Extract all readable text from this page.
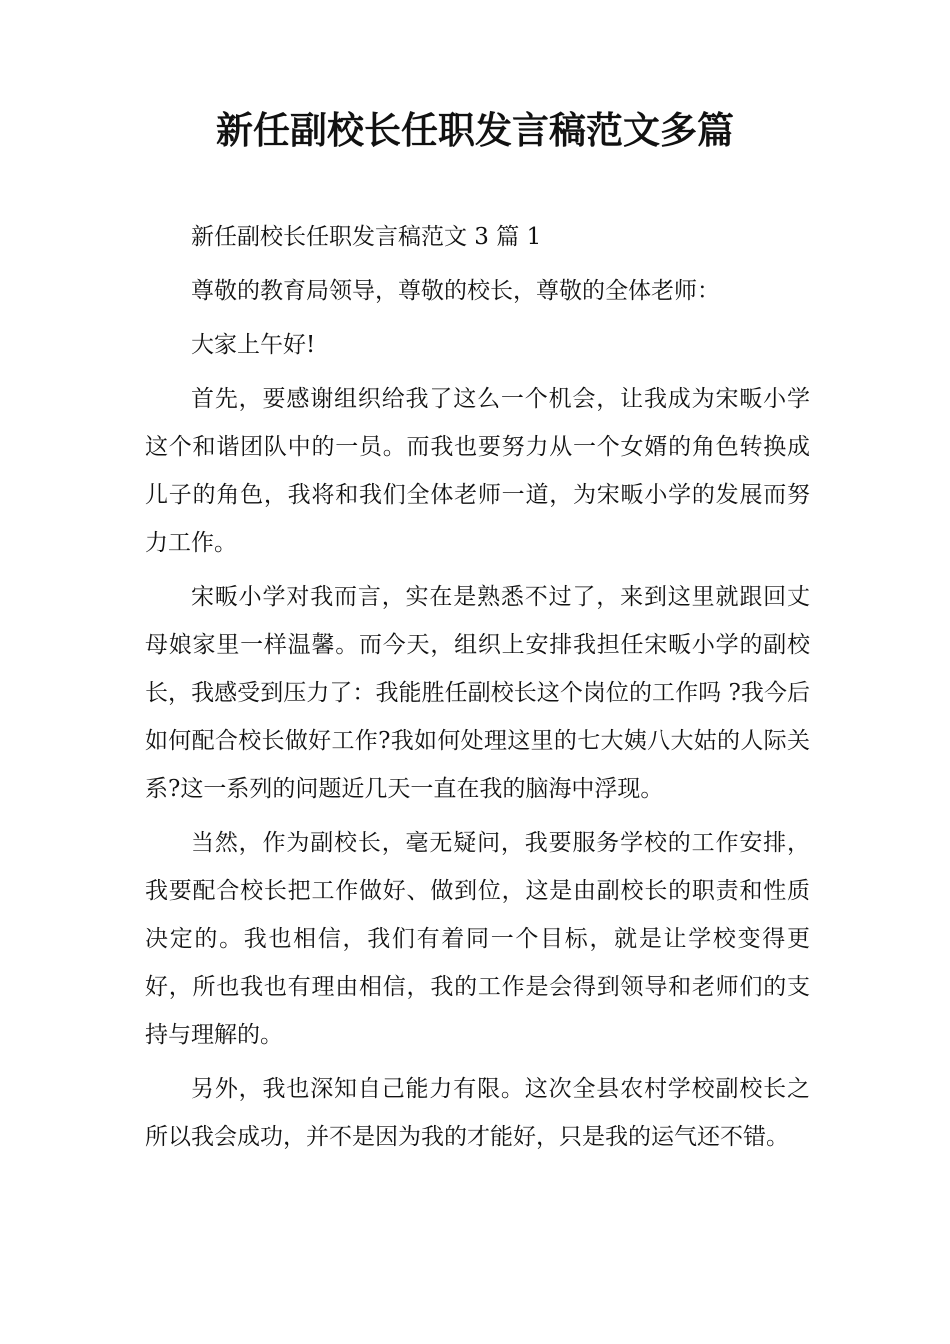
新任副校长任职发言稿范文多篇

新任副校长任职发言稿范文 3 篇 1

尊敬的教育局领导，尊敬的校长，尊敬的全体老师：

大家上午好!

首先，要感谢组织给我了这么一个机会，让我成为宋畈小学这个和谐团队中的一员。而我也要努力从一个女婿的角色转换成儿子的角色，我将和我们全体老师一道，为宋畈小学的发展而努力工作。

宋畈小学对我而言，实在是熟悉不过了，来到这里就跟回丈母娘家里一样温馨。而今天，组织上安排我担任宋畈小学的副校长，我感受到压力了：我能胜任副校长这个岗位的工作吗 ?我今后如何配合校长做好工作?我如何处理这里的七大姨八大姑的人际关系?这一系列的问题近几天一直在我的脑海中浮现。

当然，作为副校长，毫无疑问，我要服务学校的工作安排，我要配合校长把工作做好、做到位，这是由副校长的职责和性质决定的。我也相信，我们有着同一个目标，就是让学校变得更好，所也我也有理由相信，我的工作是会得到领导和老师们的支持与理解的。

另外，我也深知自己能力有限。这次全县农村学校副校长之所以我会成功，并不是因为我的才能好，只是我的运气还不错。
